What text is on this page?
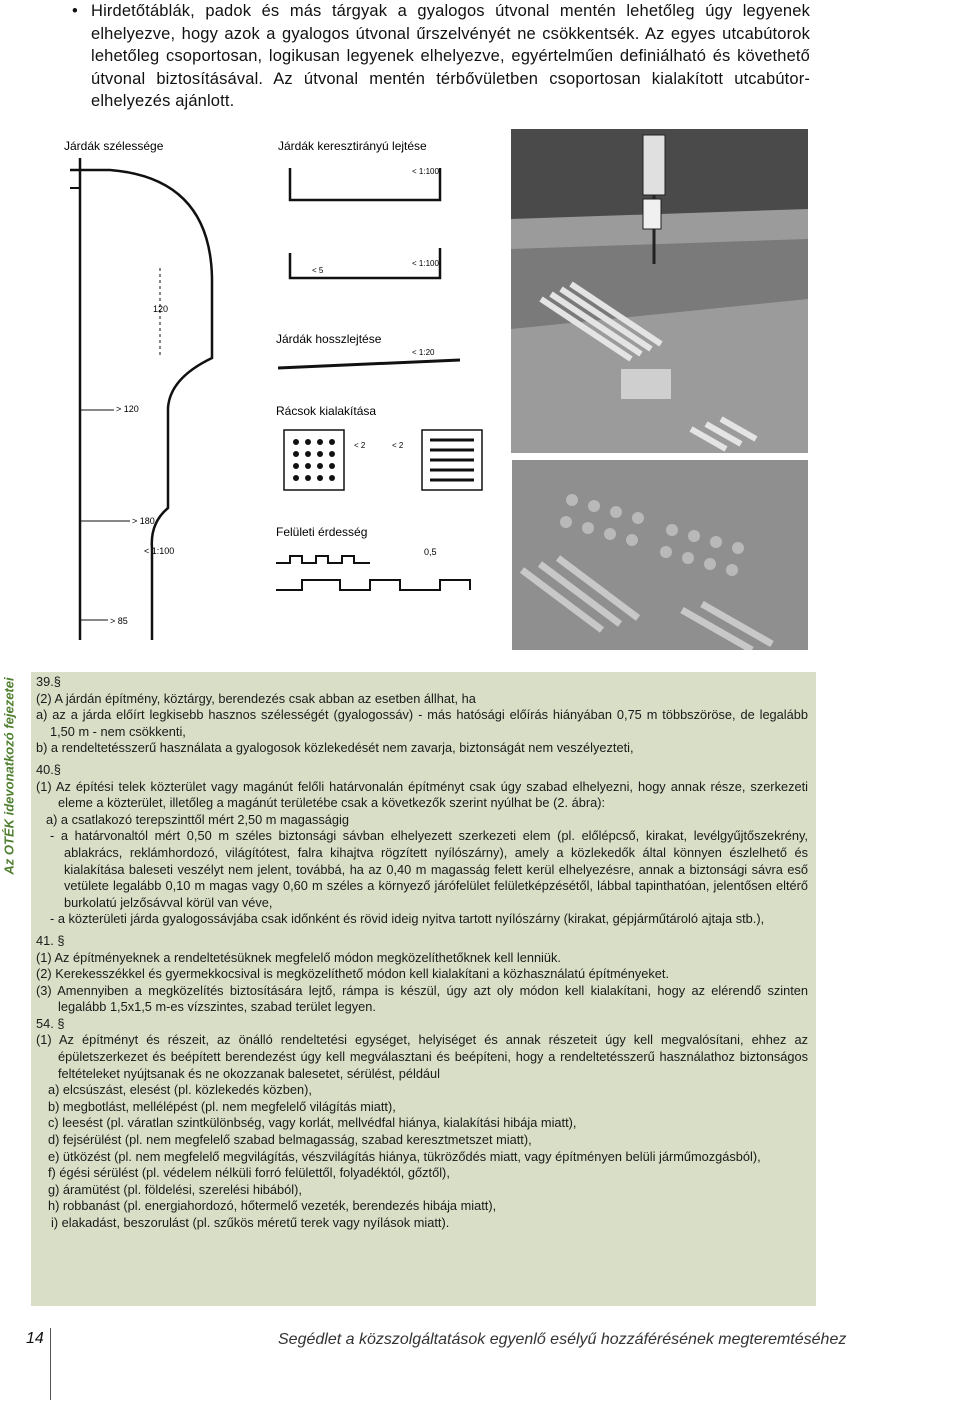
• Hirdetőtáblák, padok és más tárgyak a gyalogos útvonal mentén lehetőleg úgy legyenek elhelyezve, hogy azok a gyalogos útvonal űrszelvényét ne csökkentsék. Az egyes utcabútorok lehetőleg csoportosan, logikusan legyenek elhelyezve, egyértelműen definiálható és követhető útvonal biztosításával. Az útvonal mentén térbővületben csoportosan kialakított utcabútor-elhelyezés ajánlott.
Járdák szélessége
120
> 120
> 180
< 1:100
> 85
Járdák keresztirányú lejtése
< 1:100
< 5
< 1:100
Járdák hosszlejtése
< 1:20
Rácsok kialakítása
< 2	< 2
Felületi érdesség
0,5
Az OTÉK idevonatkozó fejezetei 39.§

(2) A járdán építmény, köztárgy, berendezés csak abban az esetben állhat, ha

a) az a járda előírt legkisebb hasznos szélességét (gyalogossáv) - más hatósági előírás hiányában 0,75 m többszöröse, de legalább 1,50 m - nem csökkenti,

b) a rendeltetésszerű használata a gyalogosok közlekedését nem zavarja, biztonságát nem veszélyezteti,

40.§

(1) Az építési telek közterület vagy magánút felőli határvonalán építményt csak úgy szabad elhelyezni, hogy annak része, szerkezeti eleme a közterület, illetőleg a magánút területébe csak a következők szerint nyúlhat be (2. ábra):

a) a csatlakozó terepszinttől mért 2,50 m magasságig

- a határvonaltól mért 0,50 m széles biztonsági sávban elhelyezett szerkezeti elem (pl. előlépcső, kirakat, levélgyűjtőszekrény, ablakrács, reklámhordozó, világítótest, falra kihajtva rögzített nyílószárny), amely a közlekedők által könnyen észlelhető és kialakítása baleseti veszélyt nem jelent, továbbá, ha az 0,40 m magasság felett kerül elhelyezésre, annak a biztonsági sávra eső vetülete legalább 0,10 m magas vagy 0,60 m széles a környező járófelület felületképzésétől, lábbal tapinthatóan, jelentősen eltérő burkolatú jelzősávval körül van véve,

- a közterületi járda gyalogossávjába csak időnként és rövid ideig nyitva tartott nyílószárny (kirakat, gépjárműtároló ajtaja stb.),

41. §

(1) Az építményeknek a rendeltetésüknek megfelelő módon megközelíthetőknek kell lenniük.

(2) Kerekesszékkel és gyermekkocsival is megközelíthető módon kell kialakítani a közhasználatú építményeket.

(3) Amennyiben a megközelítés biztosítására lejtő, rámpa is készül, úgy azt oly módon kell kialakítani, hogy az elérendő szinten legalább 1,5x1,5 m-es vízszintes, szabad terület legyen.

54. §

(1) Az építményt és részeit, az önálló rendeltetési egységet, helyiséget és annak részeteit úgy kell megvalósítani, ehhez az épületszerkezet és beépített berendezést úgy kell megválasztani és beépíteni, hogy a rendeltetésszerű használathoz biztonságos feltételeket nyújtsanak és ne okozzanak balesetet, sérülést, például

a) elcsúszást, elesést (pl. közlekedés közben),

b) megbotlást, mellélépést (pl. nem megfelelő világítás miatt),

c) leesést (pl. váratlan szintkülönbség, vagy korlát, mellvédfal hiánya, kialakítási hibája miatt),

d) fejsérülést (pl. nem megfelelő szabad belmagasság, szabad keresztmetszet miatt),

e) ütközést (pl. nem megfelelő megvilágítás, vészvilágítás hiánya, tükröződés miatt, vagy építményen belüli járműmozgásból),

f) égési sérülést (pl. védelem nélküli forró felülettől, folyadéktól, gőztől),

g) áramütést (pl. földelési, szerelési hibából),

h) robbanást (pl. energiahordozó, hőtermelő vezeték, berendezés hibája miatt),

i) elakadást, beszorulást (pl. szűkös méretű terek vagy nyílások miatt).

14	Segédlet a közszolgáltatások egyenlő esélyű hozzáférésének megteremtéséhez
